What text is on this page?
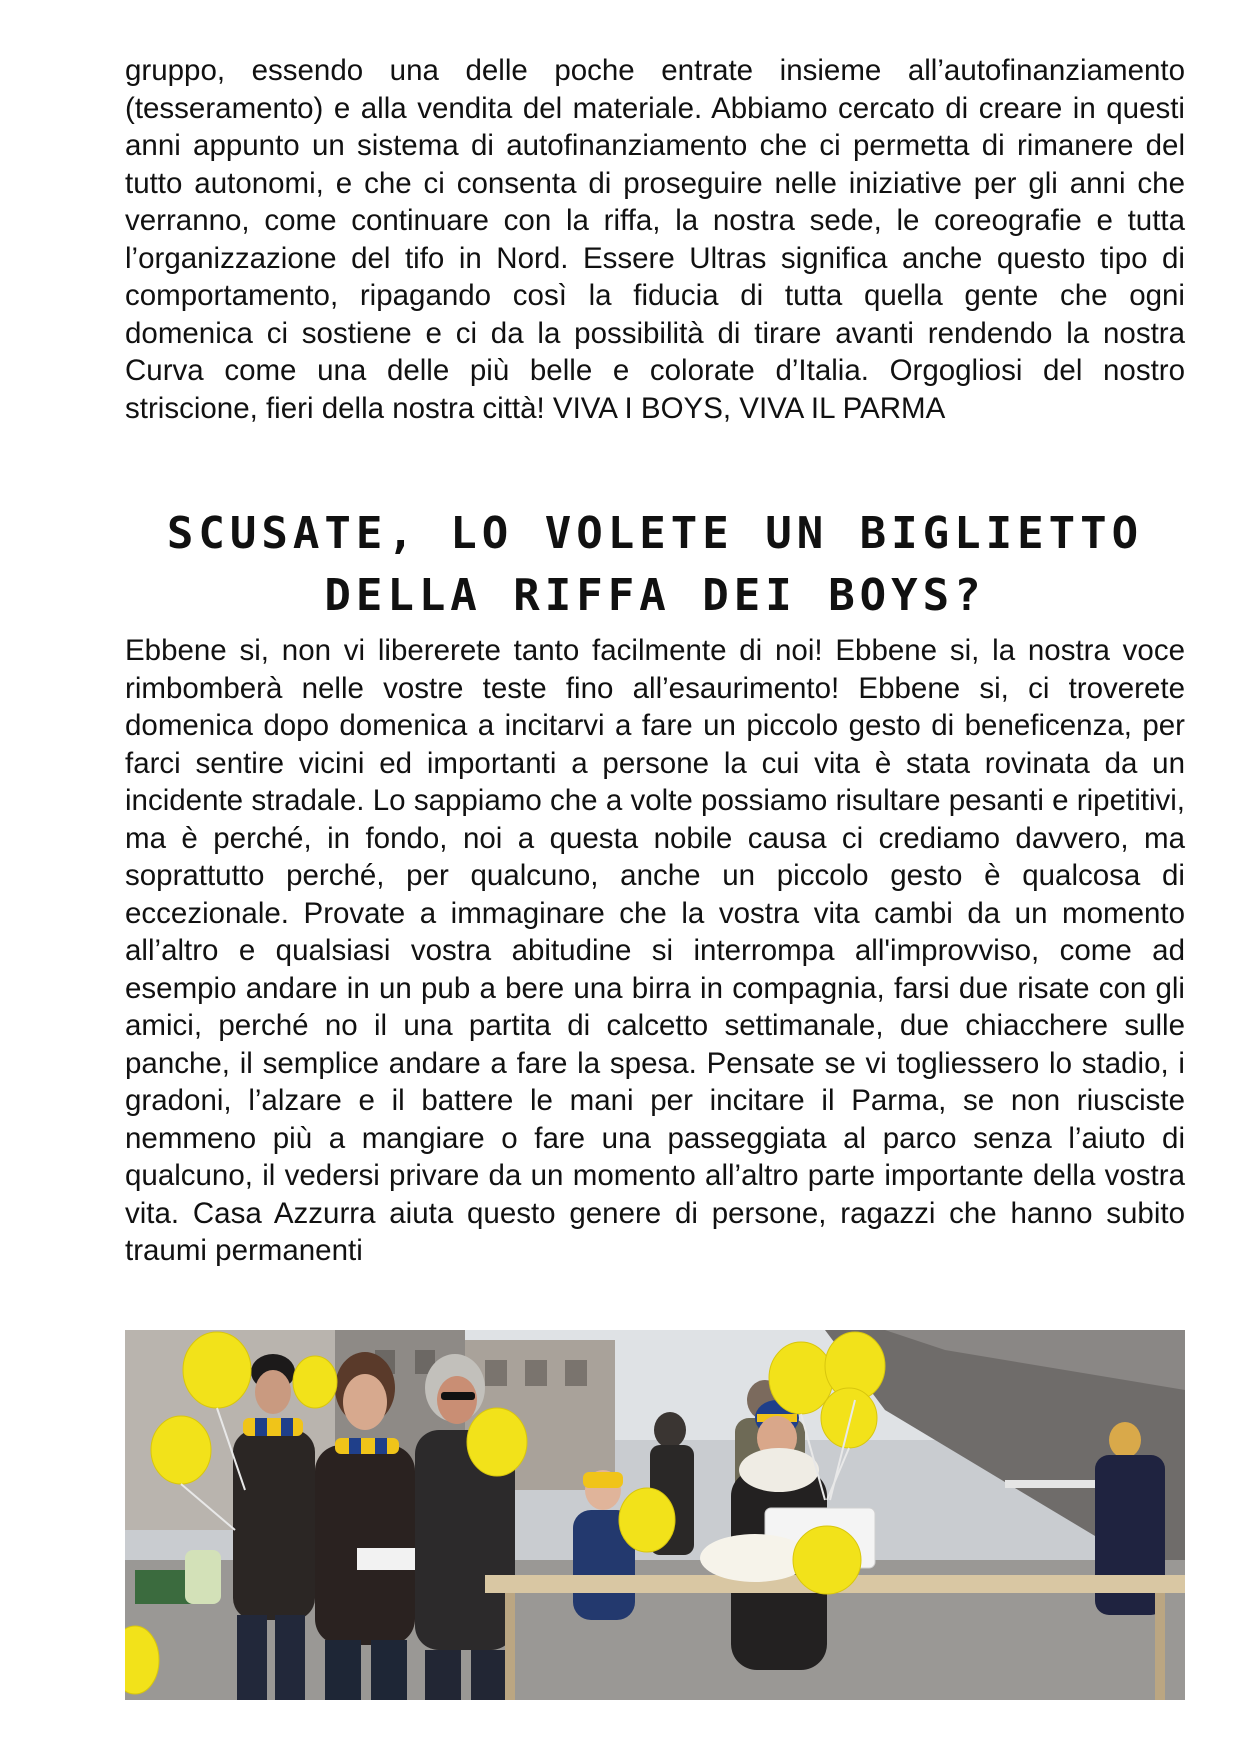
gruppo, essendo una delle poche entrate insieme all’autofinanziamento (tesseramento) e alla vendita del materiale. Abbiamo cercato di creare in questi anni appunto un sistema di autofinanziamento che ci permetta di rimanere del tutto autonomi, e che ci consenta di proseguire nelle iniziative per gli anni che verranno, come continuare con la riffa, la nostra sede, le coreografie e tutta l’organizzazione del tifo in Nord. Essere Ultras significa anche questo tipo di comportamento, ripagando così la fiducia di tutta quella gente che ogni domenica ci sostiene e ci da la possibilità di tirare avanti rendendo la nostra Curva come una delle più belle e colorate d’Italia. Orgogliosi del nostro striscione, fieri della nostra città! VIVA I BOYS, VIVA IL PARMA

SCUSATE, LO VOLETE UN BIGLIETTO
DELLA RIFFA DEI BOYS?

Ebbene si, non vi libererete tanto facilmente di noi! Ebbene si, la nostra voce rimbomberà nelle vostre teste fino all’esaurimento! Ebbene si, ci troverete domenica dopo domenica a incitarvi a fare un piccolo gesto di beneficenza, per farci sentire vicini ed importanti a persone la cui vita è stata rovinata da un incidente stradale. Lo sappiamo che a volte possiamo risultare pesanti e ripetitivi, ma è perché, in fondo, noi a questa nobile causa ci crediamo davvero, ma soprattutto perché, per qualcuno, anche un piccolo gesto è qualcosa di eccezionale. Provate a immaginare che la vostra vita cambi da un momento all’altro e qualsiasi vostra abitudine si interrompa all'improvviso, come ad esempio andare in un pub a bere una birra in compagnia, farsi due risate con gli amici, perché no il una partita di calcetto settimanale, due chiacchere sulle panche, il semplice andare a fare la spesa. Pensate se vi togliessero lo stadio, i gradoni, l’alzare e il battere le mani per incitare il Parma, se non riusciste nemmeno più a mangiare o fare una passeggiata al parco senza l’aiuto di qualcuno, il vedersi privare da un momento all’altro parte importante della vostra vita. Casa Azzurra aiuta questo genere di persone, ragazzi che hanno subito traumi permanenti
